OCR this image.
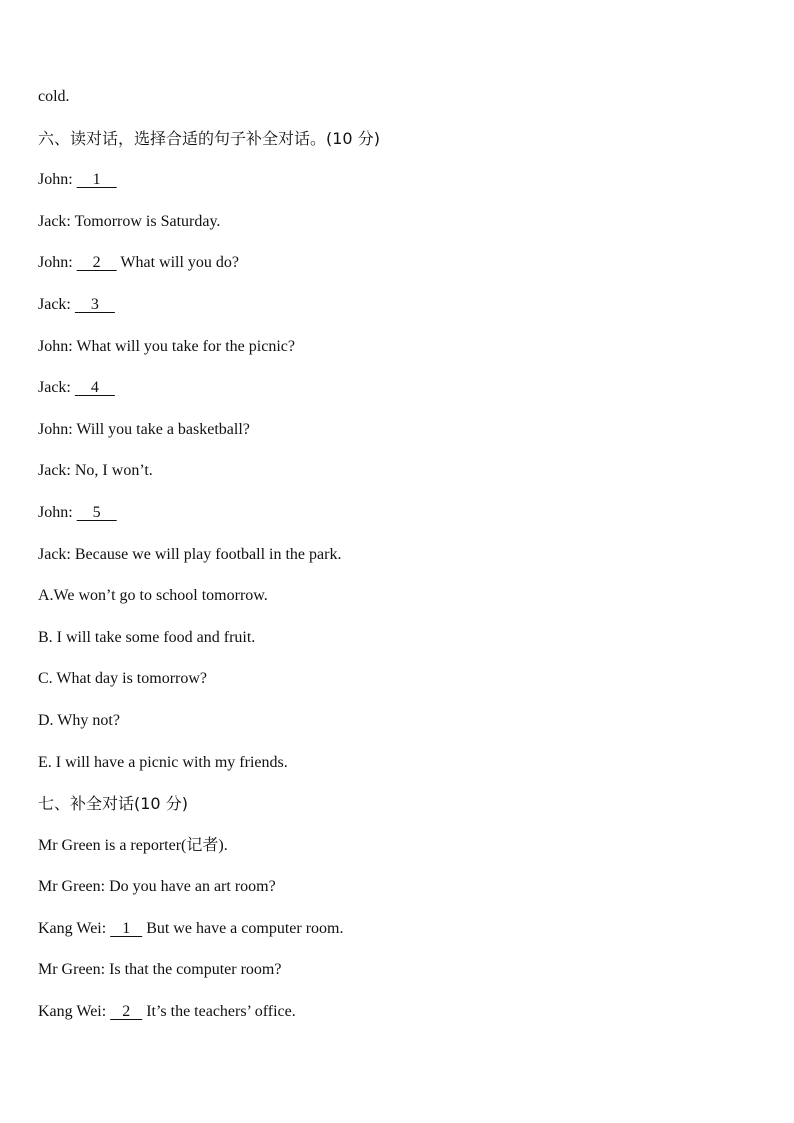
cold.
六、读对话，选择合适的句子补全对话。(10 分)
John:     1
Jack: Tomorrow is Saturday.
John:     2     What will you do?
Jack:     3
John: What will you take for the picnic?
Jack:     4
John: Will you take a basketball?
Jack: No, I won’t.
John:     5
Jack: Because we will play football in the park.
A.We won’t go to school tomorrow.
B. I will take some food and fruit.
C. What day is tomorrow?
D. Why not?
E. I will have a picnic with my friends.
七、补全对话(10 分)
Mr Green is a reporter(记者).
Mr Green: Do you have an art room?
Kang Wei:    1    But we have a computer room.
Mr Green: Is that the computer room?
Kang Wei:    2    It’s the teachers’ office.
